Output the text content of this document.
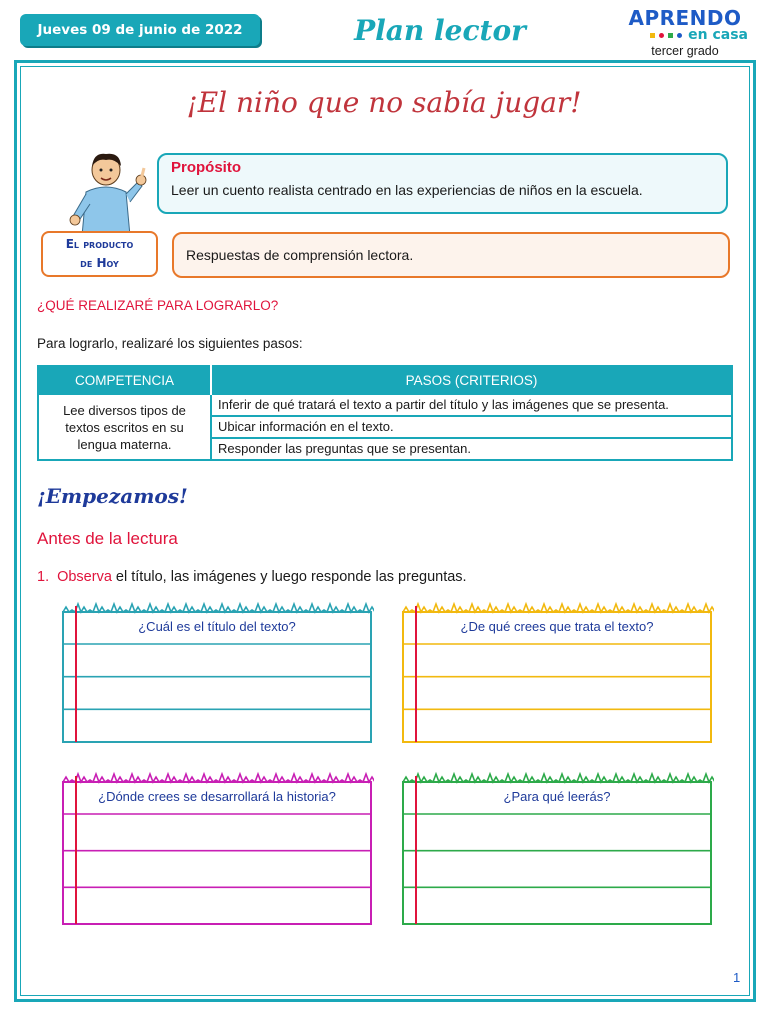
Jueves 09 de junio de 2022	Plan lector	APRENDO
en casa
tercer grado
¡El niño que no sabía jugar!
Propósito
Leer un cuento realista centrado en las experiencias de niños en la escuela.
El producto
de Hoy	Respuestas de comprensión lectora.
¿QUÉ REALIZARÉ PARA LOGRARLO?
Para lograrlo, realizaré los siguientes pasos:
COMPETENCIA	PASOS (CRITERIOS)
Lee diversos tipos de textos escritos en su lengua materna.	Inferir de qué tratará el texto a partir del título y las imágenes que se presenta.
	Ubicar información en el texto.
	Responder las preguntas que se presentan.
¡Empezamos!
Antes de la lectura
1. Observa el título, las imágenes y luego responde las preguntas.
¿Cuál es el título del texto?	¿De qué crees que trata el texto?
¿Dónde crees se desarrollará la historia?	¿Para qué leerás?
1
